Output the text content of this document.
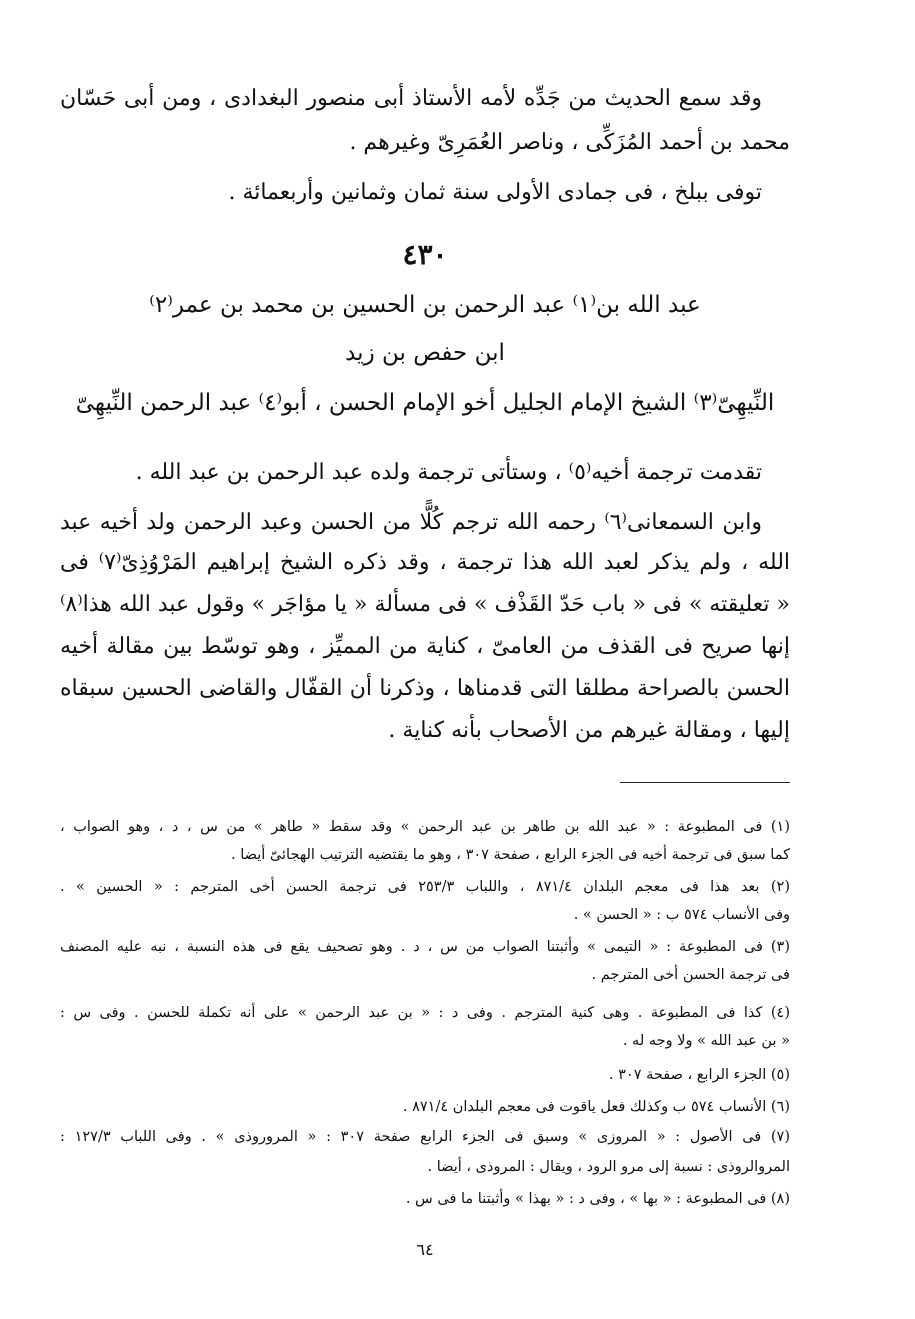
وقد سمع الحديث من جَدِّه لأمه الأستاذ أبى منصور البغدادى ، ومن أبى حَسّان
محمد بن أحمد المُزَكِّى ، وناصر العُمَرِىّ وغيرهم .
توفى ببلخ ، فى جمادى الأولى سنة ثمان وثمانين وأربعمائة .
٤٣٠
عبد الله بن⁽١⁾ عبد الرحمن بن الحسين بن محمد بن عمر⁽٢⁾
ابن حفص بن زيد
النِّيهِىّ⁽٣⁾ الشيخ الإمام الجليل أخو الإمام الحسن ، أبو⁽٤⁾ عبد الرحمن النِّيهِىّ
تقدمت ترجمة أخيه⁽٥⁾ ، وستأتى ترجمة ولده عبد الرحمن بن عبد الله .
وابن السمعانى⁽٦⁾ رحمه الله ترجم كُلًّا من الحسن وعبد الرحمن ولد أخيه عبد
الله ، ولم يذكر لعبد الله هذا ترجمة ، وقد ذكره الشيخ إبراهيم المَرْوُذِىّ⁽٧⁾ فى
« تعليقته » فى « باب حَدّ القَذْف » فى مسألة « يا مؤاجَر » وقول عبد الله هذا⁽٨⁾
إنها صريح فى القذف من العامىّ ، كناية من المميِّز ، وهو توسّط بين مقالة أخيه
الحسن بالصراحة مطلقا التى قدمناها ، وذكرنا أن القفّال والقاضى الحسين سبقاه
إليها ، ومقالة غيرهم من الأصحاب بأنه كناية .
(١) فى المطبوعة : « عبد الله بن طاهر بن عبد الرحمن » وقد سقط « طاهر » من س ، د ، وهو الصواب ،
كما سبق فى ترجمة أخيه فى الجزء الرابع ، صفحة ٣٠٧ ، وهو ما يقتضيه الترتيب الهجائىّ أيضا .
(٢) بعد هذا فى معجم البلدان ٨٧١/٤ ، واللباب ٢٥٣/٣ فى ترجمة الحسن أخى المترجم : « الحسين » .
وفى الأنساب ٥٧٤ ب : « الحسن » .
(٣) فى المطبوعة : « التيمى » وأثبتنا الصواب من س ، د . وهو تصحيف يقع فى هذه النسبة ، نبه عليه المصنف
فى ترجمة الحسن أخى المترجم .
(٤) كذا فى المطبوعة . وهى كنية المترجم . وفى د : « بن عبد الرحمن » على أنه تكملة للحسن . وفى س :
« بن عبد الله » ولا وجه له .
(٥) الجزء الرابع ، صفحة ٣٠٧ .
(٦) الأنساب ٥٧٤ ب وكذلك فعل ياقوت فى معجم البلدان ٨٧١/٤ .
(٧) فى الأصول : « المروزى » وسبق فى الجزء الرابع صفحة ٣٠٧ : « المروروذى » . وفى اللباب ١٢٧/٣ :
المروالروذى : نسبة إلى مرو الرود ، ويقال : المروذى ، أيضا .
(٨) فى المطبوعة : « بها » ، وفى د : « بهذا » وأثبتنا ما فى س .
٦٤
